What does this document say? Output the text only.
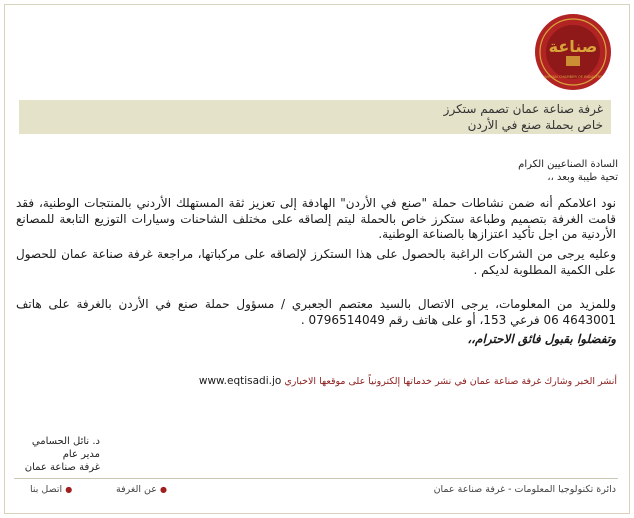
صناعة
AMMAN CHAMBER OF INDUSTRY
غرفة صناعة عمان تصمم ستكرز
خاص بحملة صنع في الأردن
السادة الصناعيين الكرام
تحية طيبة وبعد ،،
نود اعلامكم أنه ضمن نشاطات حملة "صنع في الأردن" الهادفة إلى تعزيز ثقة المستهلك الأردني بالمنتجات الوطنية، فقد قامت الغرفة بتصميم وطباعة ستكرز خاص بالحملة ليتم إلصاقه على مختلف الشاحنات وسيارات التوزيع التابعة للمصانع الأردنية من اجل تأكيد اعتزازها بالصناعة الوطنية.
وعليه يرجى من الشركات الراغبة بالحصول على هذا الستكرز لإلصاقه على مركباتها، مراجعة غرفة صناعة عمان للحصول على الكمية المطلوبة لديكم .
وللمزيد من المعلومات، يرجى الاتصال بالسيد معتصم الجعبري / مسؤول حملة صنع في الأردن بالغرفة على هاتف 4643001 06 فرعي 153، أو على هاتف رقم 0796514049 .
وتفضلوا بقبول فائق الاحترام،،
أنشر الخبر وشارك غرفة صناعة عمان في نشر خدماتها إلكترونياً على موقعها الاخباري www.eqtisadi.jo
د. نائل الحسامي
مدير عام
غرفة صناعة عمان
دائرة تكنولوجيا المعلومات - غرفة صناعة عمان
● عن الغرفة
● اتصل بنا
